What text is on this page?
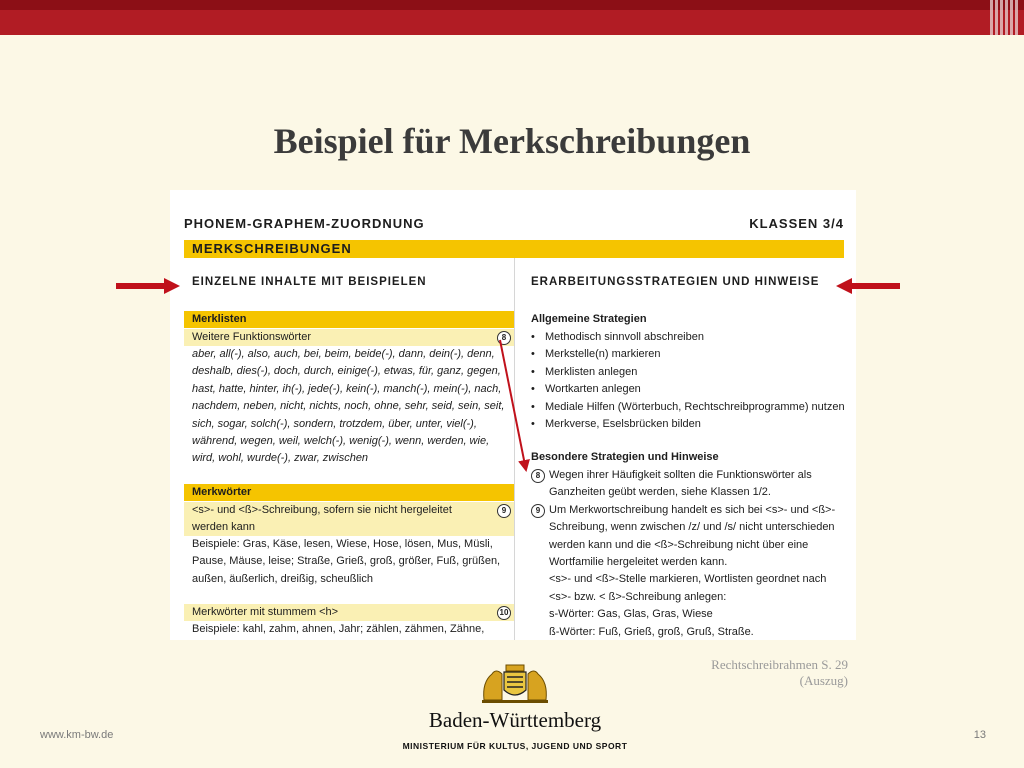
Beispiel für Merkschreibungen
PHONEM-GRAPHEM-ZUORDNUNG	KLASSEN 3/4
MERKSCHREIBUNGEN
EINZELNE INHALTE MIT BEISPIELEN
Merklisten
Weitere Funktionswörter	8
aber, all(-), also, auch, bei, beim, beide(-), dann, dein(-), denn, deshalb, dies(-), doch, durch, einige(-), etwas, für, ganz, gegen, hast, hatte, hinter, ih(-), jede(-), kein(-), manch(-), mein(-), nach, nachdem, neben, nicht, nichts, noch, ohne, sehr, seid, sein, seit, sich, sogar, solch(-), sondern, trotzdem, über, unter, viel(-), während, wegen, weil, welch(-), wenig(-), wenn, werden, wie, wird, wohl, wurde(-), zwar, zwischen
Merkwörter
<s>- und <ß>-Schreibung, sofern sie nicht hergeleitet werden kann
9
Beispiele: Gras, Käse, lesen, Wiese, Hose, lösen, Mus, Müsli, Pause, Mäuse, leise; Straße, Grieß, groß, größer, Fuß, grüßen, außen, äußerlich, dreißig, scheußlich
Merkwörter mit stummem <h>	10
Beispiele: kahl, zahm, ahnen, Jahr; zählen, zähmen, Zähne,
ERARBEITUNGSSTRATEGIEN UND HINWEISE
Allgemeine Strategien
• Methodisch sinnvoll abschreiben
• Merkstelle(n) markieren
• Merklisten anlegen
• Wortkarten anlegen
• Mediale Hilfen (Wörterbuch, Rechtschreibprogramme) nutzen
• Merkverse, Eselsbrücken bilden
Besondere Strategien und Hinweise
8 Wegen ihrer Häufigkeit sollten die Funktionswörter als Ganzheiten geübt werden, siehe Klassen 1/2.
9 Um Merkwortschreibung handelt es sich bei <s>- und <ß>-Schreibung, wenn zwischen /z/ und /s/ nicht unterschieden werden kann und die <ß>-Schreibung nicht über eine Wortfamilie hergeleitet werden kann.
<s>- und <ß>-Stelle markieren, Wortlisten geordnet nach <s>- bzw. < ß>-Schreibung anlegen:
s-Wörter: Gas, Glas, Gras, Wiese
ß-Wörter: Fuß, Grieß, groß, Gruß, Straße.
Rechtschreibrahmen S. 29
(Auszug)
Baden-Württemberg
MINISTERIUM FÜR KULTUS, JUGEND UND SPORT
www.km-bw.de	13
